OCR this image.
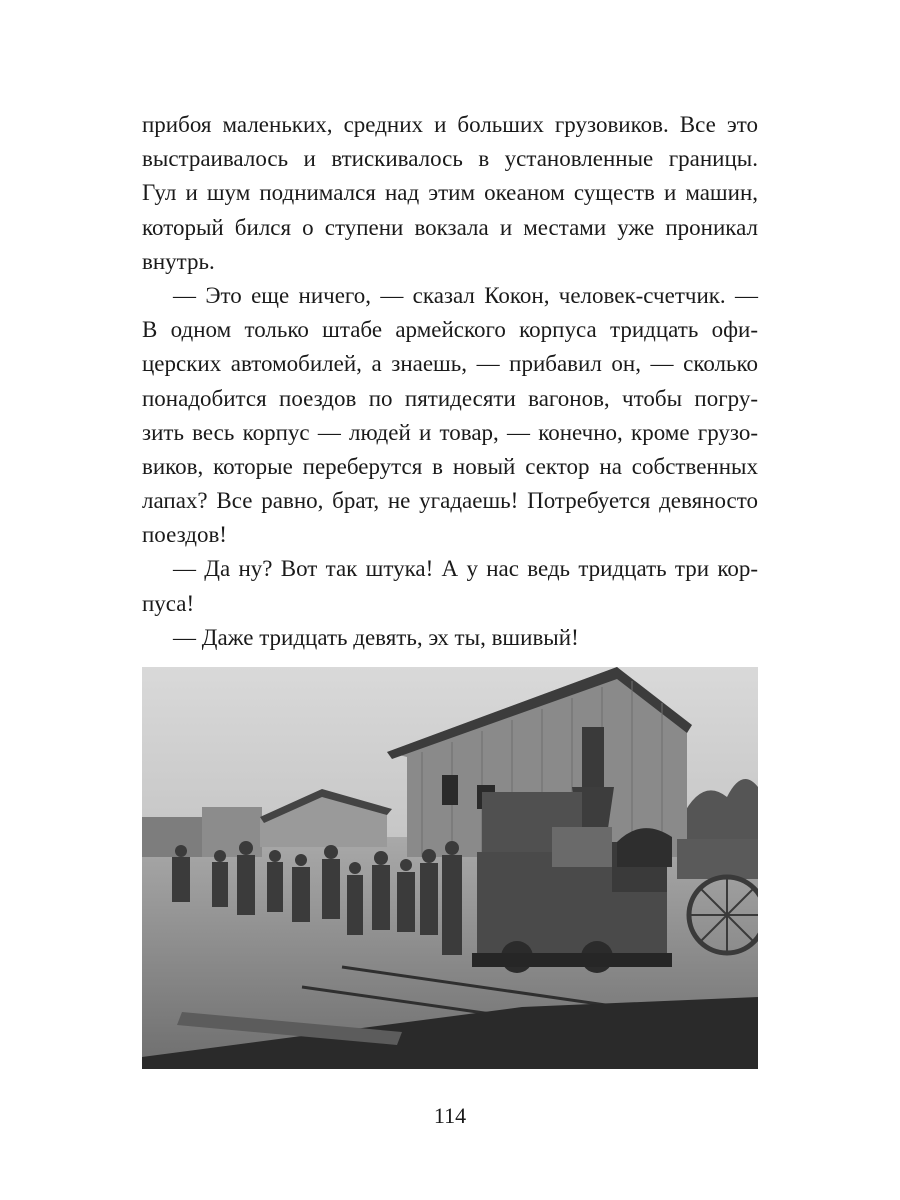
прибоя маленьких, средних и больших грузовиков. Все это
выстраивалось и втискивалось в установленные границы.
Гул и шум поднимался над этим океаном существ и машин,
который бился о ступени вокзала и местами уже проникал
внутрь.

— Это еще ничего, — сказал Кокон, человек-счетчик. —
В одном только штабе армейского корпуса тридцать офи-
церских автомобилей, а знаешь, — прибавил он, — сколько
понадобится поездов по пятидесяти вагонов, чтобы погру-
зить весь корпус — людей и товар, — конечно, кроме грузо-
виков, которые переберутся в новый сектор на собственных
лапах? Все равно, брат, не угадаешь! Потребуется девяносто
поездов!

— Да ну? Вот так штука! А у нас ведь тридцать три кор-
пуса!

— Даже тридцать девять, эх ты, вшивый!

114
